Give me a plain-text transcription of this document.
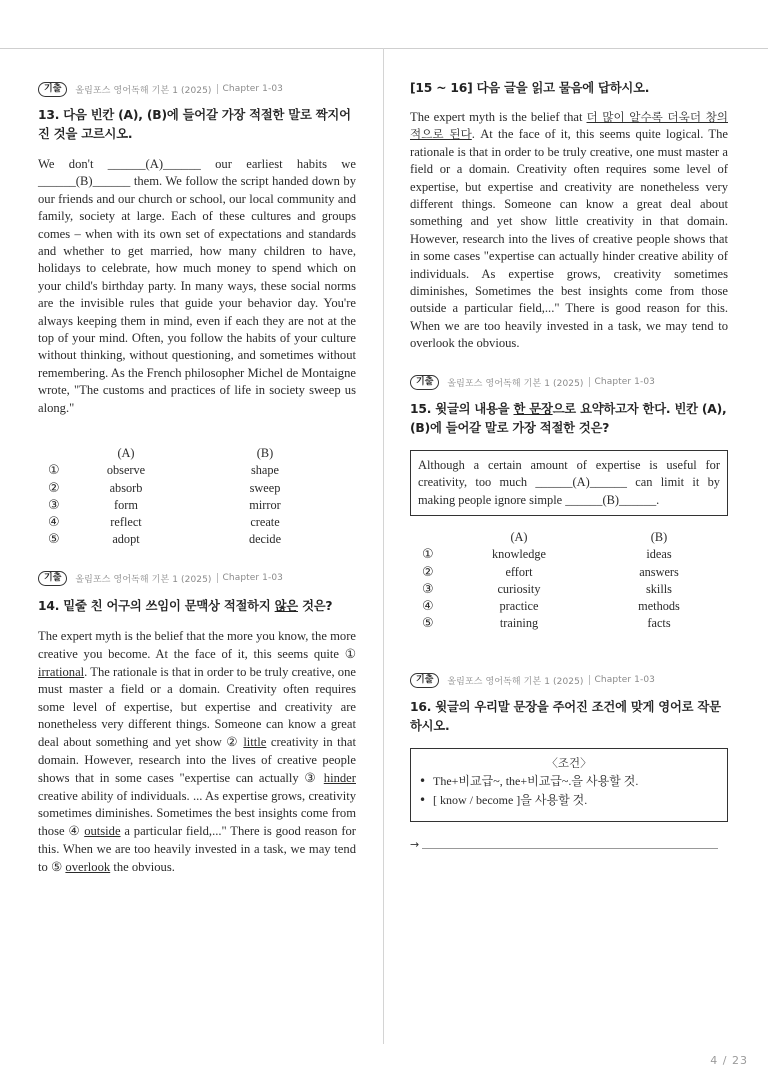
기출	올림포스 영어독해 기본 1 (2025) Chapter 1-03
13. 다음 빈칸 (A), (B)에 들어갈 가장 적절한 말로 짝지어진 것을 고르시오.
We don't ______(A)______ our earliest habits we ______(B)______ them. We follow the script handed down by our friends and our church or school, our local community and family, society at large. Each of these cultures and groups comes – when with its own set of expectations and standards and whether to get married, how many children to have, holidays to celebrate, how much money to spend which on your child's birthday party. In many ways, these social norms are the invisible rules that guide your behavior day. You're always keeping them in mind, even if each they are not at the top of your mind. Often, you follow the habits of your culture without thinking, without questioning, and sometimes without remembering. As the French philosopher Michel de Montaigne wrote, "The customs and practices of life in society sweep us along."
(A)	(B)
①	observe	shape
②	absorb	sweep
③	form	mirror
④	reflect	create
⑤	adopt	decide
기출	올림포스 영어독해 기본 1 (2025) Chapter 1-03
14. 밑줄 친 어구의 쓰임이 문맥상 적절하지 않은 것은?
The expert myth is the belief that the more you know, the more creative you become. At the face of it, this seems quite ① irrational. The rationale is that in order to be truly creative, one must master a field or a domain. Creativity often requires some level of expertise, but expertise and creativity are nonetheless very different things. Someone can know a great deal about something and yet show ② little creativity in that domain. However, research into the lives of creative people shows that in some cases "expertise can actually ③ hinder creative ability of individuals. ... As expertise grows, creativity sometimes diminishes. Sometimes the best insights come from those ④ outside a particular field,..." There is good reason for this. When we are too heavily invested in a task, we may tend to ⑤ overlook the obvious.
[15 ~ 16] 다음 글을 읽고 물음에 답하시오.
The expert myth is the belief that 더 많이 알수록 더욱더 창의적으로 된다. At the face of it, this seems quite logical. The rationale is that in order to be truly creative, one must master a field or a domain. Creativity often requires some level of expertise, but expertise and creativity are nonetheless very different things. Someone can know a great deal about something and yet show little creativity in that domain. However, research into the lives of creative people shows that in some cases "expertise can actually hinder creative ability of individuals. As expertise grows, creativity sometimes diminishes, Sometimes the best insights come from those outside a particular field,..." There is good reason for this. When we are too heavily invested in a task, we may tend to overlook the obvious.
기출	올림포스 영어독해 기본 1 (2025) Chapter 1-03
15. 윗글의 내용을 한 문장으로 요약하고자 한다. 빈칸 (A), (B)에 들어갈 말로 가장 적절한 것은?
Although a certain amount of expertise is useful for creativity, too much ______(A)______ can limit it by making people ignore simple ______(B)______.
(A)	(B)
①	knowledge	ideas
②	effort	answers
③	curiosity	skills
④	practice	methods
⑤	training	facts
기출	올림포스 영어독해 기본 1 (2025) Chapter 1-03
16. 윗글의 우리말 문장을 주어진 조건에 맞게 영어로 작문하시오.
〈조건〉
• The+비교급~, the+비교급~.을 사용할 것.
• [ know / become ]을 사용할 것.
→
4 / 23
